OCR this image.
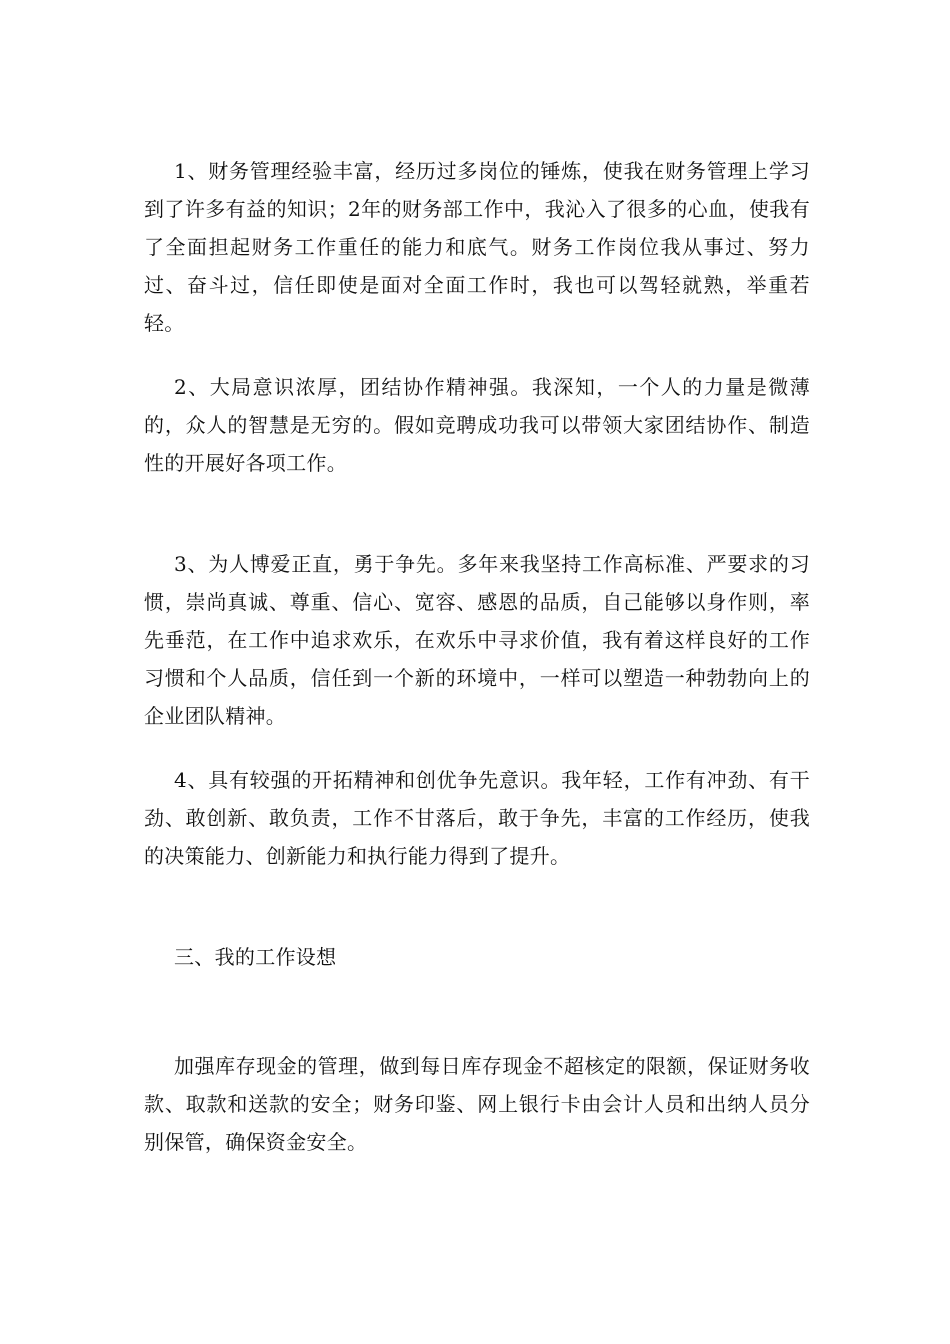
1、财务管理经验丰富，经历过多岗位的锤炼，使我在财务管理上学习到了许多有益的知识；2年的财务部工作中，我沁入了很多的心血，使我有了全面担起财务工作重任的能力和底气。财务工作岗位我从事过、努力过、奋斗过，信任即使是面对全面工作时，我也可以驾轻就熟，举重若轻。

2、大局意识浓厚，团结协作精神强。我深知，一个人的力量是微薄的，众人的智慧是无穷的。假如竞聘成功我可以带领大家团结协作、制造性的开展好各项工作。

3、为人博爱正直，勇于争先。多年来我坚持工作高标准、严要求的习惯，崇尚真诚、尊重、信心、宽容、感恩的品质，自己能够以身作则，率先垂范，在工作中追求欢乐，在欢乐中寻求价值，我有着这样良好的工作习惯和个人品质，信任到一个新的环境中，一样可以塑造一种勃勃向上的企业团队精神。

4、具有较强的开拓精神和创优争先意识。我年轻，工作有冲劲、有干劲、敢创新、敢负责，工作不甘落后，敢于争先，丰富的工作经历，使我的决策能力、创新能力和执行能力得到了提升。

三、我的工作设想

加强库存现金的管理，做到每日库存现金不超核定的限额，保证财务收款、取款和送款的安全；财务印鉴、网上银行卡由会计人员和出纳人员分别保管，确保资金安全。
